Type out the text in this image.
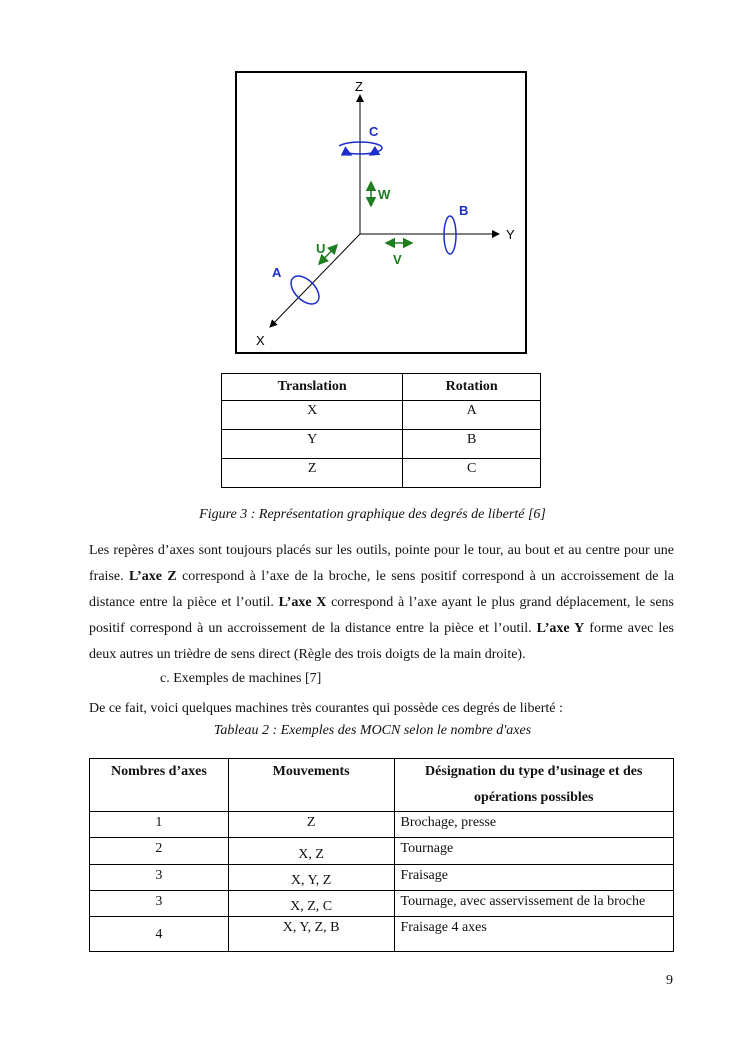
Z
Y
X
C
W
B
V
U
A
Translation	Rotation
X	A
Y	B
Z	C
Figure 3 : Représentation graphique des degrés de liberté [6]
Les repères d’axes sont toujours placés sur les outils, pointe pour le tour, au bout et au centre pour une fraise. L’axe Z correspond à l’axe de la broche, le sens positif correspond à un accroissement de la distance entre la pièce et l’outil. L’axe X correspond à l’axe ayant le plus grand déplacement, le sens positif correspond à un accroissement de la distance entre la pièce et l’outil. L’axe Y forme avec les deux autres un trièdre de sens direct (Règle des trois doigts de la main droite).
c. Exemples de machines [7]
De ce fait, voici quelques machines très courantes qui possède ces degrés de liberté :
Tableau 2 : Exemples des MOCN selon le nombre d'axes
Nombres d’axes	Mouvements	Désignation du type d’usinage et des opérations possibles
1	Z	Brochage, presse
2	X, Z	Tournage
3	X, Y, Z	Fraisage
3	X, Z, C	Tournage, avec asservissement de la broche
4	X, Y, Z, B	Fraisage 4 axes
9
